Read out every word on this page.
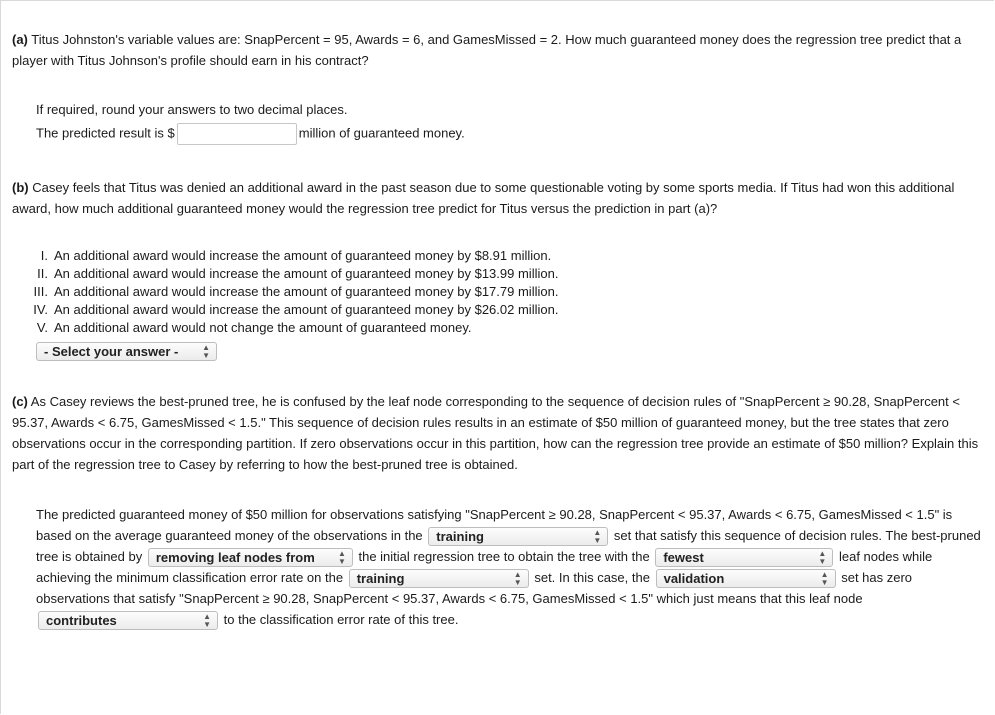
(a) Titus Johnston's variable values are: SnapPercent = 95, Awards = 6, and GamesMissed = 2. How much guaranteed money does the regression tree predict that a player with Titus Johnson's profile should earn in his contract?
If required, round your answers to two decimal places.
The predicted result is $	million of guaranteed money.
(b) Casey feels that Titus was denied an additional award in the past season due to some questionable voting by some sports media. If Titus had won this additional award, how much additional guaranteed money would the regression tree predict for Titus versus the prediction in part (a)?
I. An additional award would increase the amount of guaranteed money by $8.91 million.
II. An additional award would increase the amount of guaranteed money by $13.99 million.
III. An additional award would increase the amount of guaranteed money by $17.79 million.
IV. An additional award would increase the amount of guaranteed money by $26.02 million.
V. An additional award would not change the amount of guaranteed money.
- Select your answer -	▲
▼
(c) As Casey reviews the best-pruned tree, he is confused by the leaf node corresponding to the sequence of decision rules of "SnapPercent ≥ 90.28, SnapPercent < 95.37, Awards < 6.75, GamesMissed < 1.5." This sequence of decision rules results in an estimate of $50 million of guaranteed money, but the tree states that zero observations occur in the corresponding partition. If zero observations occur in this partition, how can the regression tree provide an estimate of $50 million? Explain this part of the regression tree to Casey by referring to how the best-pruned tree is obtained.
The predicted guaranteed money of $50 million for observations satisfying "SnapPercent ≥ 90.28, SnapPercent < 95.37, Awards < 6.75, GamesMissed < 1.5" is based on the average guaranteed money of the observations in the training	▲
▼ set that satisfy this sequence of decision rules. The best-pruned tree is obtained by removing leaf nodes from	▲
▼ the initial regression tree to obtain the tree with the fewest	▲
▼ leaf nodes while achieving the minimum classification error rate on the training	▲
▼ set. In this case, the validation	▲
▼ set has zero observations that satisfy "SnapPercent ≥ 90.28, SnapPercent < 95.37, Awards < 6.75, GamesMissed < 1.5" which just means that this leaf node contributes	▲
▼ to the classification error rate of this tree.
